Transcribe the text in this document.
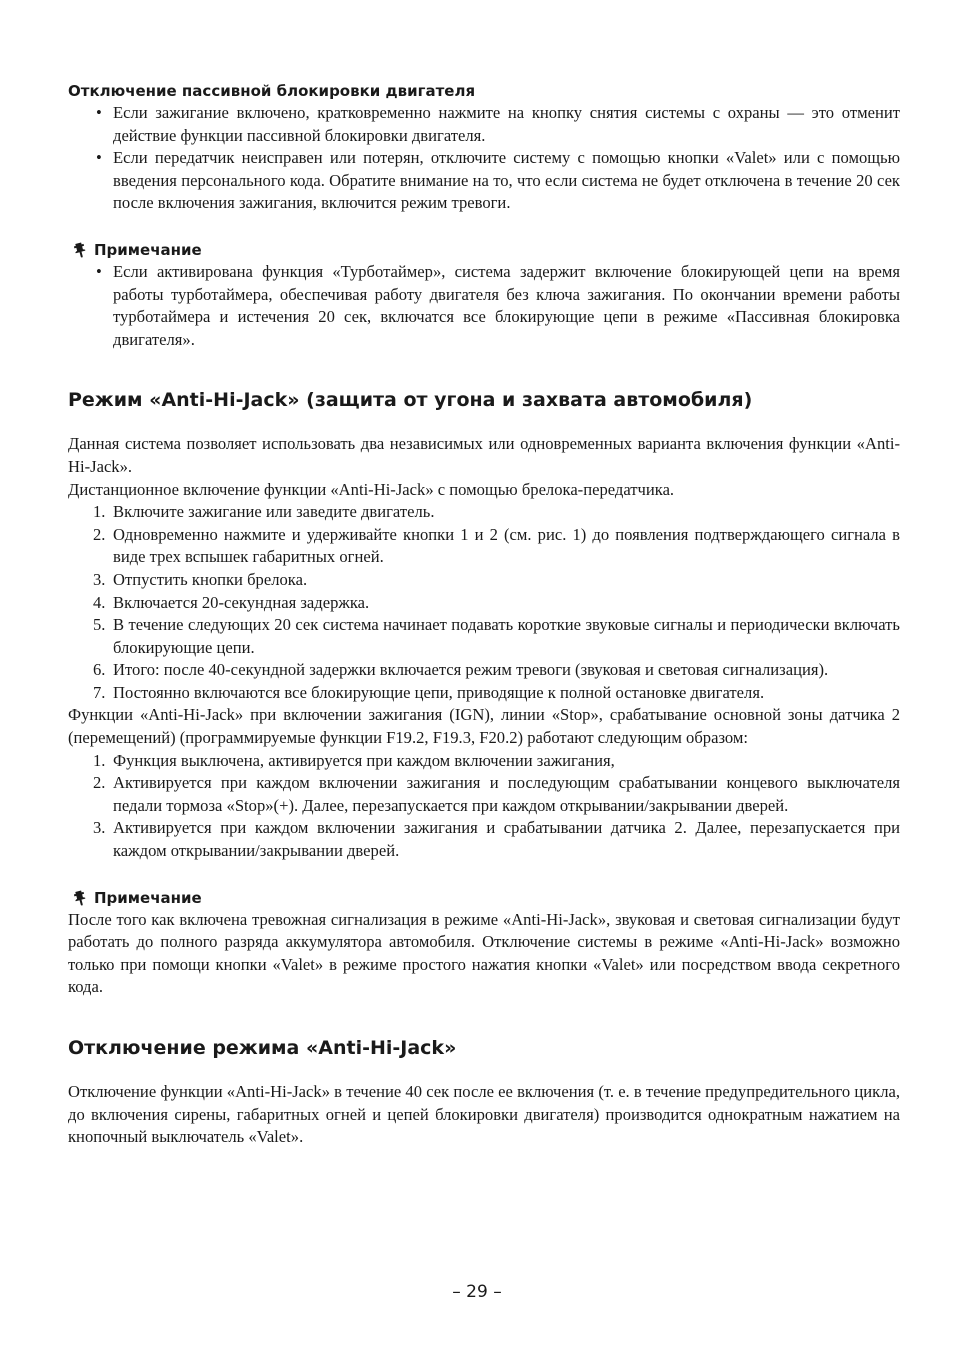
Отключение пассивной блокировки двигателя
• Если зажигание включено, кратковременно нажмите на кнопку снятия системы с охраны — это отменит действие функции пассивной блокировки двигателя.
• Если передатчик неисправен или потерян, отключите систему с помощью кнопки «Valet» или с помощью введения персонального кода. Обратите внимание на то, что если система не будет отключена в течение 20 сек после включения зажигания, включится режим тревоги.
Примечание
• Если активирована функция «Турботаймер», система задержит включение блокирующей цепи на время работы турботаймера, обеспечивая работу двигателя без ключа зажигания. По окончании времени работы турботаймера и истечения 20 сек, включатся все блокирующие цепи в режиме «Пассивная блокировка двигателя».
Режим «Anti-Hi-Jack» (защита от угона и захвата автомобиля)

Данная система позволяет использовать два независимых или одновременных варианта включения функции «Anti-Hi-Jack».

Дистанционное включение функции «Anti-Hi-Jack» с помощью брелока-передатчика.

1. Включите зажигание или заведите двигатель.
2. Одновременно нажмите и удерживайте кнопки 1 и 2 (см. рис. 1) до появления подтверждающего сигнала в виде трех вспышек габаритных огней.
3. Отпустить кнопки брелока.
4. Включается 20-секундная задержка.
5. В течение следующих 20 сек система начинает подавать короткие звуковые сигналы и периодически включать блокирующие цепи.
6. Итого: после 40-секундной задержки включается режим тревоги (звуковая и световая сигнализация).
7. Постоянно включаются все блокирующие цепи, приводящие к полной остановке двигателя.

Функции «Anti-Hi-Jack» при включении зажигания (IGN), линии «Stop», срабатывание основной зоны датчика 2 (перемещений) (программируемые функции F19.2, F19.3, F20.2) работают следующим образом:

1. Функция выключена, активируется при каждом включении зажигания,
2. Активируется при каждом включении зажигания и последующим срабатывании концевого выключателя педали тормоза «Stop»(+). Далее, перезапускается при каждом открывании/закрывании дверей.
3. Активируется при каждом включении зажигания и срабатывании датчика 2. Далее, перезапускается при каждом открывании/закрывании дверей.
Примечание

После того как включена тревожная сигнализация в режиме «Anti-Hi-Jack», звуковая и световая сигнализации будут работать до полного разряда аккумулятора автомобиля. Отключение системы в режиме «Anti-Hi-Jack» возможно только при помощи кнопки «Valet» в режиме простого нажатия кнопки «Valet» или посредством ввода секретного кода.

Отключение режима «Anti-Hi-Jack»

Отключение функции «Anti-Hi-Jack» в течение 40 сек после ее включения (т. е. в течение предупредительного цикла, до включения сирены, габаритных огней и цепей блокировки двигателя) производится однократным нажатием на кнопочный выключатель «Valet».

– 29 –
